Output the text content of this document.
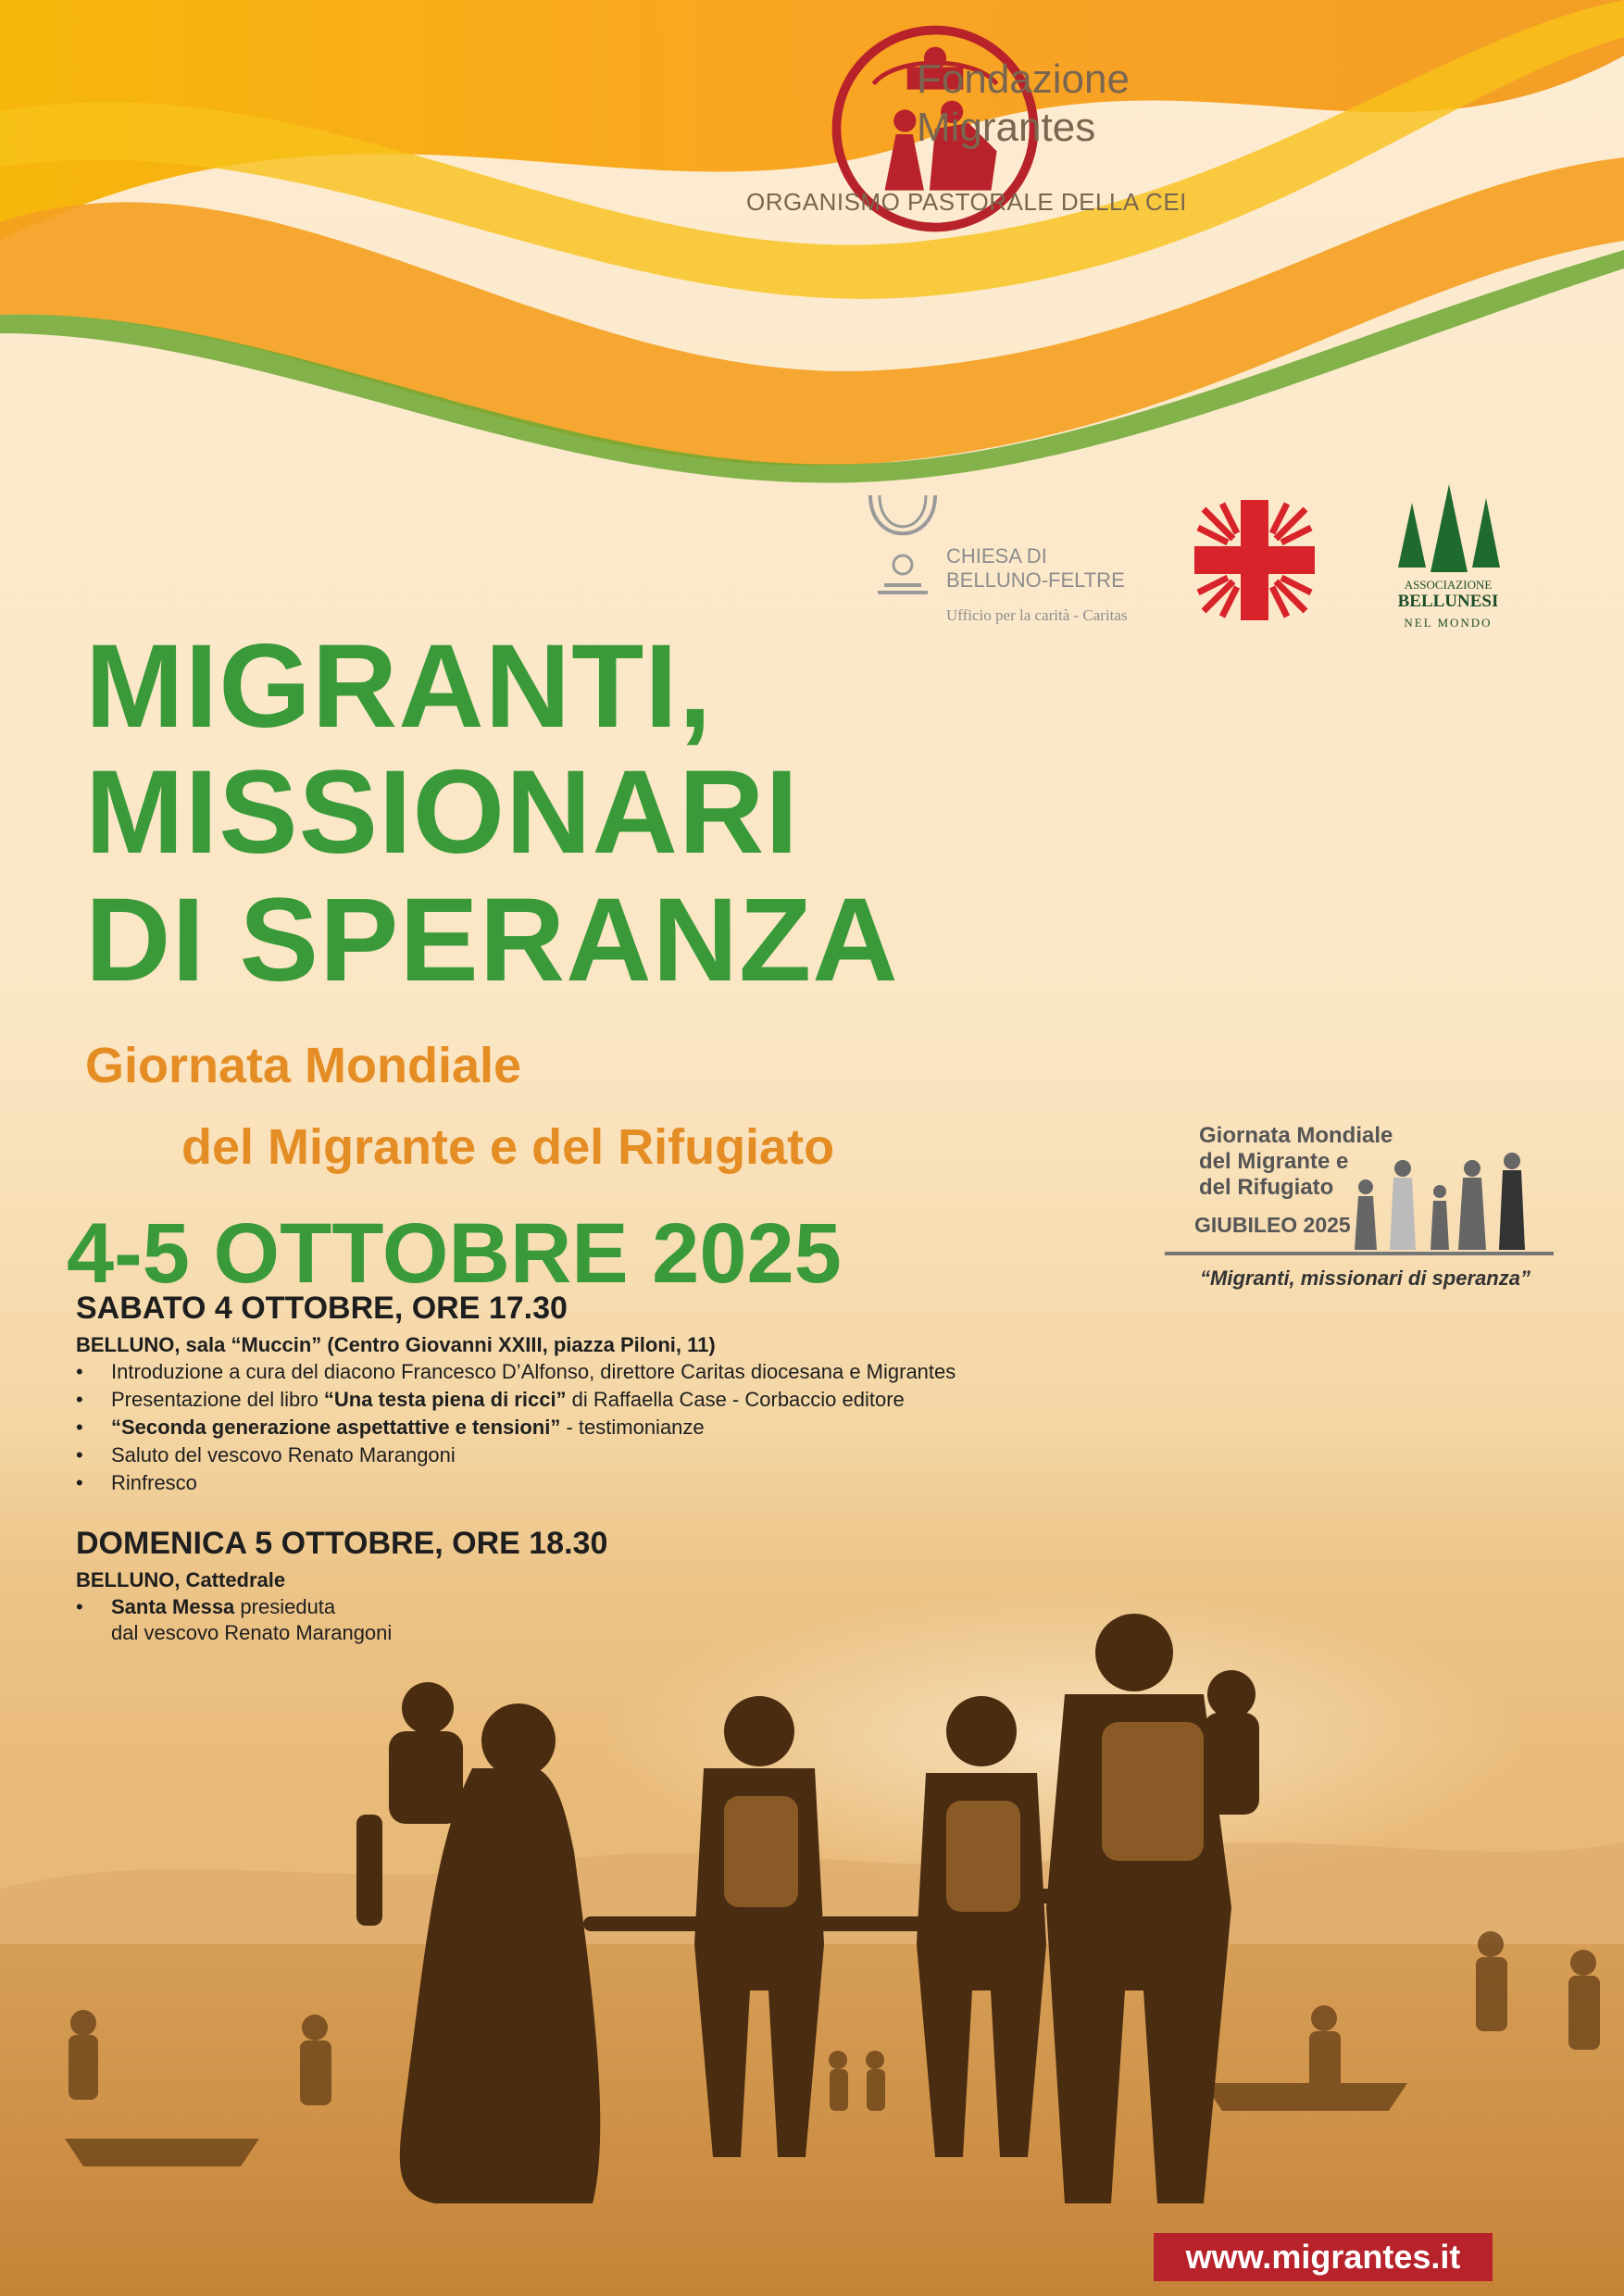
Fondazione
Migrantes
ORGANISMO PASTORALE DELLA CEI
CHIESA DI
BELLUNO-FELTRE
Ufficio per la carità - Caritas
ASSOCIAZIONE
BELLUNESI
NEL MONDO
MIGRANTI,
MISSIONARI
DI SPERANZA
Giornata Mondiale
del Migrante e del Rifugiato
4-5 OTTOBRE 2025
Giornata Mondiale
del Migrante e
del Rifugiato
GIUBILEO 2025
“Migranti, missionari di speranza”
SABATO 4 OTTOBRE, ORE 17.30
BELLUNO, sala “Muccin” (Centro Giovanni XXIII, piazza Piloni, 11)
• Introduzione a cura del diacono Francesco D’Alfonso, direttore Caritas diocesana e Migrantes
• Presentazione del libro “Una testa piena di ricci” di Raffaella Case - Corbaccio editore
• “Seconda generazione aspettattive e tensioni” - testimonianze
• Saluto del vescovo Renato Marangoni
• Rinfresco
DOMENICA 5 OTTOBRE, ORE 18.30
BELLUNO, Cattedrale
• Santa Messa presieduta
dal vescovo Renato Marangoni
www.migrantes.it
